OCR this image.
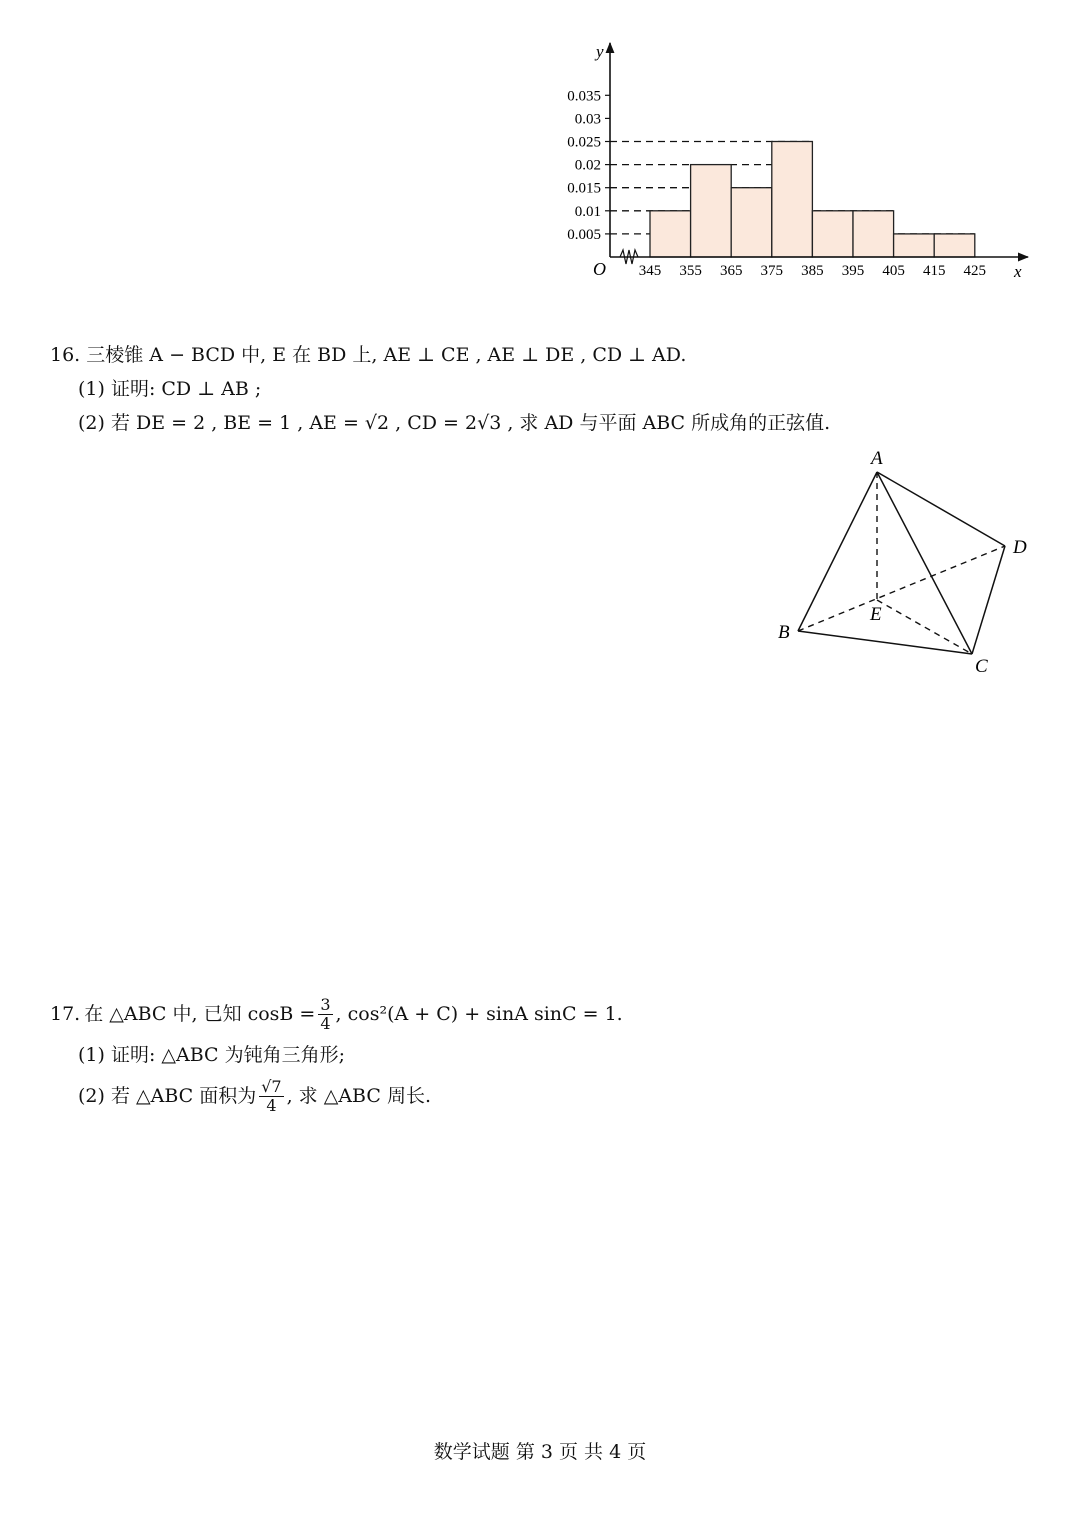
0.005
0.01
0.015
0.02
0.025
0.03
0.035
345 355 365 375 385 395 405 415 425
y
x
O
16. 三棱锥 A − BCD 中, E 在 BD 上, AE ⊥ CE , AE ⊥ DE , CD ⊥ AD.
(1) 证明: CD ⊥ AB ;
(2) 若 DE = 2 , BE = 1 , AE = √2 , CD = 2√3 , 求 AD 与平面 ABC 所成角的正弦值.
A
B
C
D
E
17. 在 △ABC 中, 已知 $\cos B = \frac{3}{4}$ , cos²(A + C) + sinA sinC = 1.
(1) 证明: △ABC 为钝角三角形;
(2) 若 △ABC 面积为 $\frac{√7}{4}$ , 求 △ABC 周长.
数学试题 第 3 页 共 4 页
